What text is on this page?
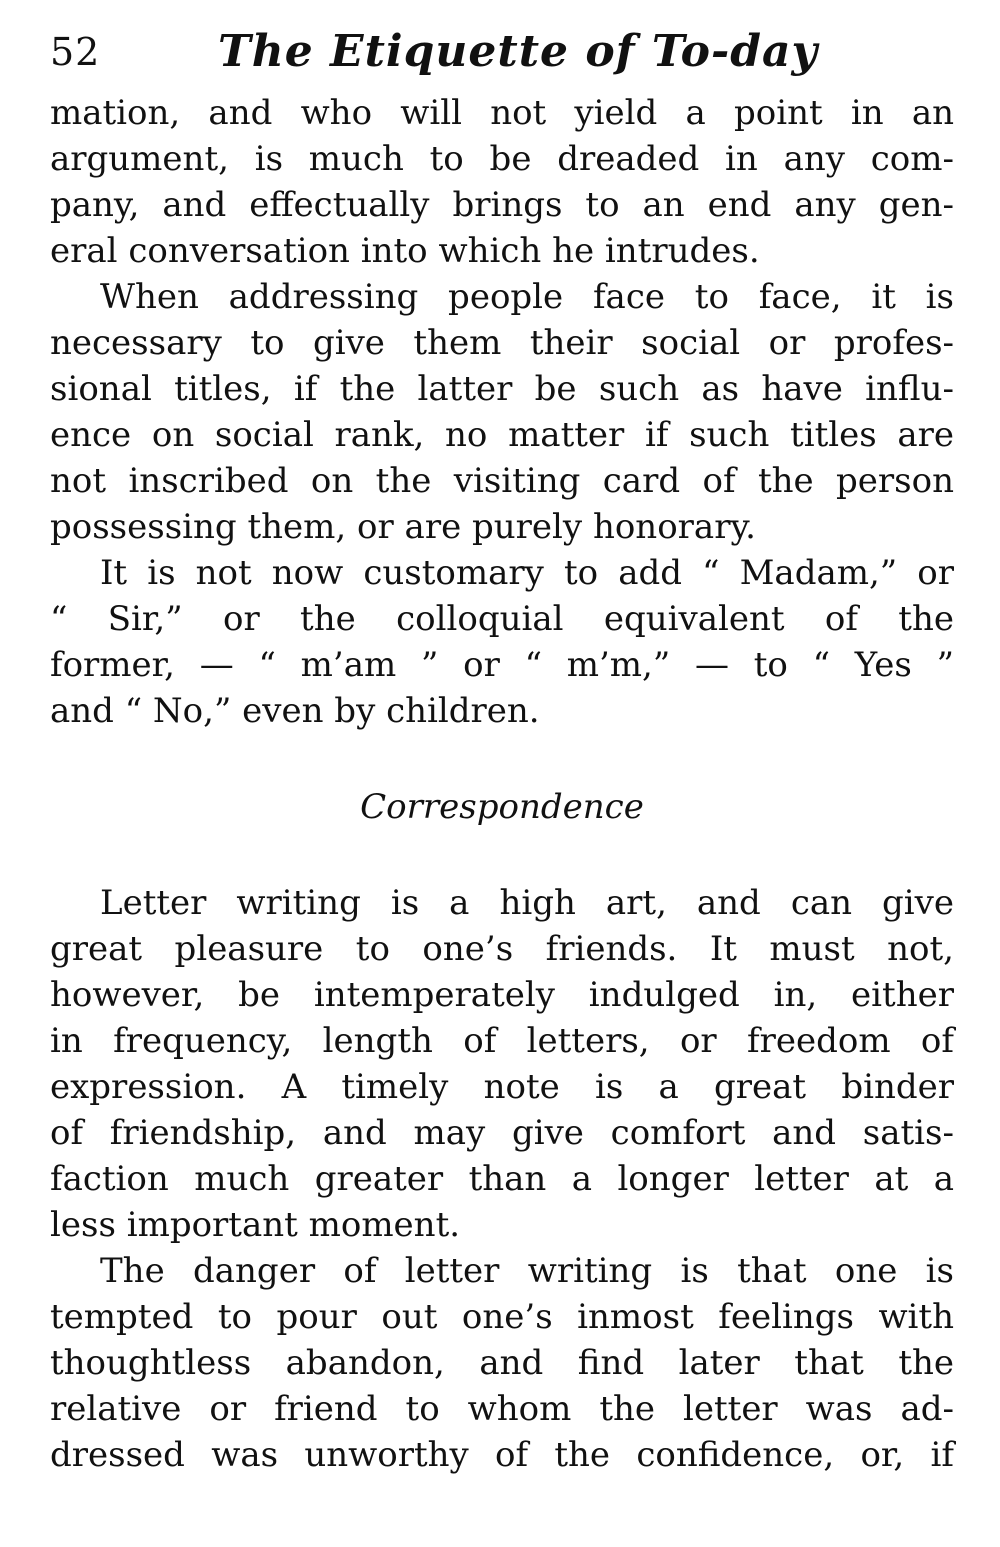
52	The Etiquette of To-day
mation, and who will not yield a point in an
argument, is much to be dreaded in any com-
pany, and effectually brings to an end any gen-
eral conversation into which he intrudes.
When addressing people face to face, it is
necessary to give them their social or profes-
sional titles, if the latter be such as have influ-
ence on social rank, no matter if such titles are
not inscribed on the visiting card of the person
possessing them, or are purely honorary.
It is not now customary to add “ Madam,” or
“ Sir,” or the colloquial equivalent of the
former, — “ m’am ” or “ m’m,” — to “ Yes ”
and “ No,” even by children.
Correspondence
Letter writing is a high art, and can give
great pleasure to one’s friends. It must not,
however, be intemperately indulged in, either
in frequency, length of letters, or freedom of
expression. A timely note is a great binder
of friendship, and may give comfort and satis-
faction much greater than a longer letter at a
less important moment.
The danger of letter writing is that one is
tempted to pour out one’s inmost feelings with
thoughtless abandon, and find later that the
relative or friend to whom the letter was ad-
dressed was unworthy of the confidence, or, if
